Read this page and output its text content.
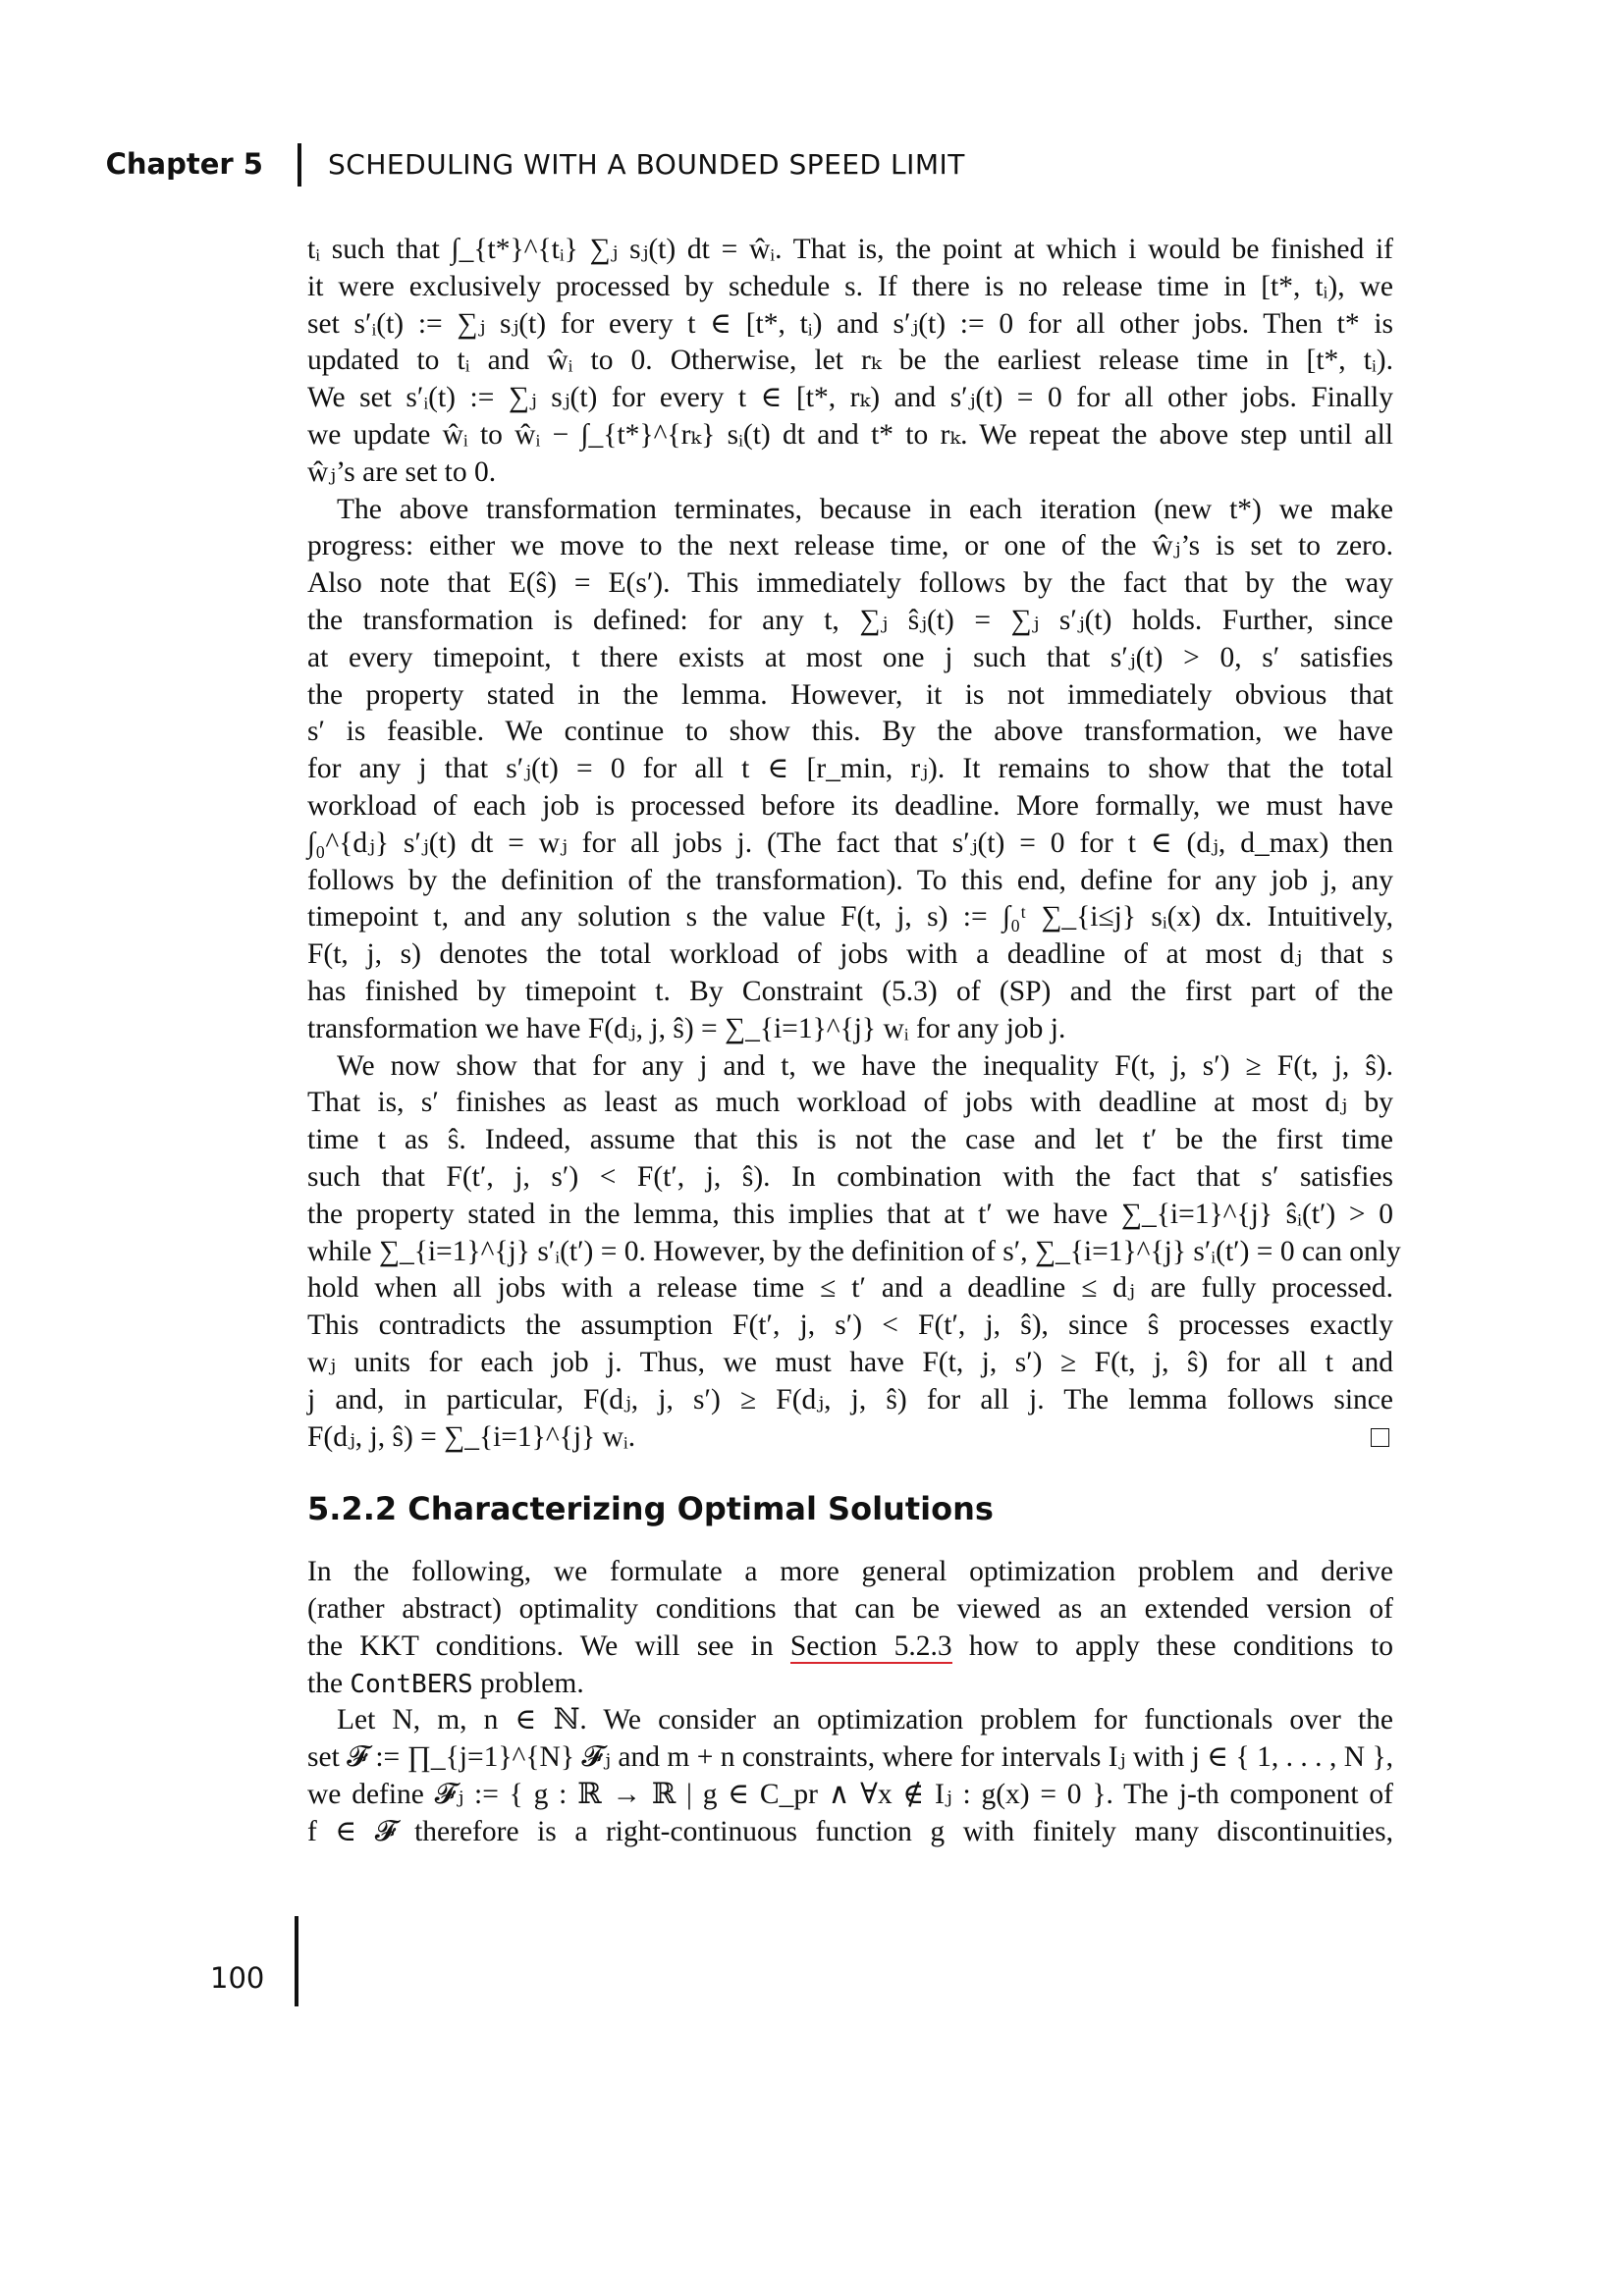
Chapter 5 SCHEDULING WITH A BOUNDED SPEED LIMIT
tᵢ such that ∫_{t*}^{tᵢ} ∑ⱼ sⱼ(t) dt = ŵᵢ. That is, the point at which i would be finished if
it were exclusively processed by schedule s. If there is no release time in [t*, tᵢ), we
set s′ᵢ(t) := ∑ⱼ sⱼ(t) for every t ∈ [t*, tᵢ) and s′ⱼ(t) := 0 for all other jobs. Then t* is
updated to tᵢ and ŵᵢ to 0. Otherwise, let rₖ be the earliest release time in [t*, tᵢ).
We set s′ᵢ(t) := ∑ⱼ sⱼ(t) for every t ∈ [t*, rₖ) and s′ⱼ(t) = 0 for all other jobs. Finally
we update ŵᵢ to ŵᵢ − ∫_{t*}^{rₖ} sᵢ(t) dt and t* to rₖ. We repeat the above step until all
ŵⱼ’s are set to 0.
The above transformation terminates, because in each iteration (new t*) we make
progress: either we move to the next release time, or one of the ŵⱼ’s is set to zero.
Also note that E(ŝ) = E(s′). This immediately follows by the fact that by the way
the transformation is defined: for any t, ∑ⱼ ŝⱼ(t) = ∑ⱼ s′ⱼ(t) holds. Further, since
at every timepoint, t there exists at most one j such that s′ⱼ(t) > 0, s′ satisfies
the property stated in the lemma. However, it is not immediately obvious that
s′ is feasible. We continue to show this. By the above transformation, we have
for any j that s′ⱼ(t) = 0 for all t ∈ [r_min, rⱼ). It remains to show that the total
workload of each job is processed before its deadline. More formally, we must have
∫₀^{dⱼ} s′ⱼ(t) dt = wⱼ for all jobs j. (The fact that s′ⱼ(t) = 0 for t ∈ (dⱼ, d_max) then
follows by the definition of the transformation). To this end, define for any job j, any
timepoint t, and any solution s the value F(t, j, s) := ∫₀ᵗ ∑_{i≤j} sᵢ(x) dx. Intuitively,
F(t, j, s) denotes the total workload of jobs with a deadline of at most dⱼ that s
has finished by timepoint t. By Constraint (5.3) of (SP) and the first part of the
transformation we have F(dⱼ, j, ŝ) = ∑_{i=1}^{j} wᵢ for any job j.
We now show that for any j and t, we have the inequality F(t, j, s′) ≥ F(t, j, ŝ).
That is, s′ finishes as least as much workload of jobs with deadline at most dⱼ by
time t as ŝ. Indeed, assume that this is not the case and let t′ be the first time
such that F(t′, j, s′) < F(t′, j, ŝ). In combination with the fact that s′ satisfies
the property stated in the lemma, this implies that at t′ we have ∑_{i=1}^{j} ŝᵢ(t′) > 0
while ∑_{i=1}^{j} s′ᵢ(t′) = 0. However, by the definition of s′, ∑_{i=1}^{j} s′ᵢ(t′) = 0 can only
hold when all jobs with a release time ≤ t′ and a deadline ≤ dⱼ are fully processed.
This contradicts the assumption F(t′, j, s′) < F(t′, j, ŝ), since ŝ processes exactly
wⱼ units for each job j. Thus, we must have F(t, j, s′) ≥ F(t, j, ŝ) for all t and
j and, in particular, F(dⱼ, j, s′) ≥ F(dⱼ, j, ŝ) for all j. The lemma follows since
F(dⱼ, j, ŝ) = ∑_{i=1}^{j} wᵢ.
5.2.2 Characterizing Optimal Solutions
In the following, we formulate a more general optimization problem and derive
(rather abstract) optimality conditions that can be viewed as an extended version of
the KKT conditions. We will see in Section 5.2.3 how to apply these conditions to
the ContBERS problem.
Let N, m, n ∈ ℕ. We consider an optimization problem for functionals over the
set 𝓕 := ∏_{j=1}^{N} 𝓕ⱼ and m + n constraints, where for intervals Iⱼ with j ∈ { 1, . . . , N },
we define 𝓕ⱼ := { g : ℝ → ℝ | g ∈ C_pr ∧ ∀x ∉ Iⱼ : g(x) = 0 }. The j-th component of
f ∈ 𝓕 therefore is a right-continuous function g with finitely many discontinuities,
100
